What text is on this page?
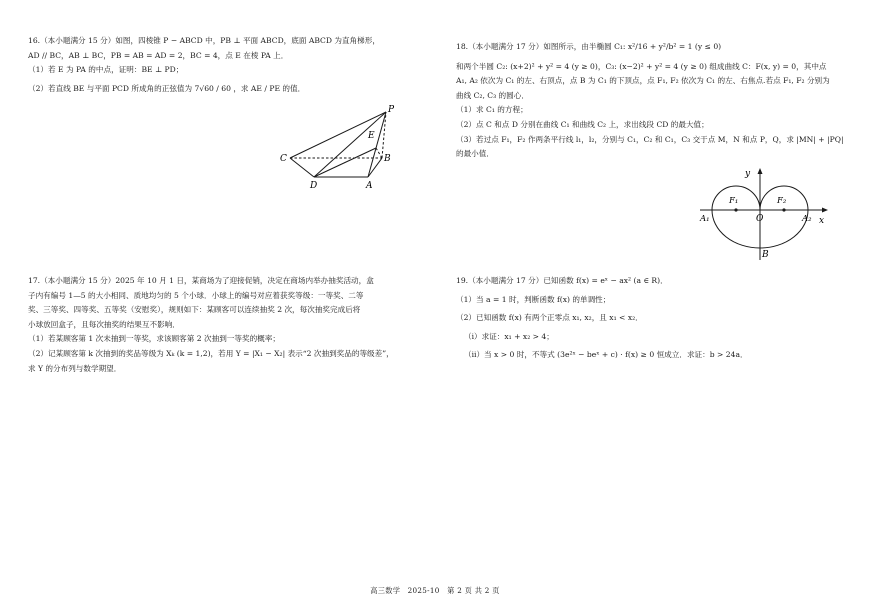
16.（本小题满分 15 分）如图，四棱锥 P − ABCD 中，PB ⊥ 平面 ABCD，底面 ABCD 为直角梯形，

AD // BC，AB ⊥ BC，PB = AB = AD = 2，BC = 4，点 E 在棱 PA 上．

（1）若 E 为 PA 的中点，证明：BE ⊥ PD；

（2）若直线 BE 与平面 PCD 所成角的正弦值为 7√60 / 60 ，求 AE / PE 的值．

P
E
C	B
D	A

17.（本小题满分 15 分）2025 年 10 月 1 日，某商场为了迎接促销，决定在商场内举办抽奖活动，盒

子内有编号 1—5 的大小相同、质地均匀的 5 个小球．小球上的编号对应着获奖等级：一等奖、二等

奖、三等奖、四等奖、五等奖（安慰奖），规则如下：某顾客可以连续抽奖 2 次，每次抽奖完成后将

小球放回盒子，且每次抽奖的结果互不影响．

（1）若某顾客第 1 次未抽到一等奖，求该顾客第 2 次抽到一等奖的概率；

（2）记某顾客第 k 次抽到的奖品等级为 Xₖ (k = 1,2)，若用 Y = |X₁ − X₂| 表示“2 次抽到奖品的等级差”，

求 Y 的分布列与数学期望．

18.（本小题满分 17 分）如图所示，由半椭圆 C₁: x²/16 + y²/b² = 1 (y ≤ 0)

和两个半圆 C₂: (x+2)² + y² = 4 (y ≥ 0)，C₃: (x−2)² + y² = 4 (y ≥ 0) 组成曲线 C：F(x, y) = 0，其中点

A₁, A₂ 依次为 C₁ 的左、右顶点，点 B 为 C₁ 的下顶点，点 F₁, F₂ 依次为 C₁ 的左、右焦点.若点 F₁, F₂ 分别为

曲线 C₂, C₃ 的圆心．

（1）求 C₁ 的方程；

（2）点 C 和点 D 分别在曲线 C₁ 和曲线 C₂ 上，求出线段 CD 的最大值；

（3）若过点 F₁，F₂ 作两条平行线 l₁，l₂，分别与 C₁，C₂ 和 C₁，C₃ 交于点 M，N 和点 P，Q，求 |MN| + |PQ|

的最小值．

y
x
F₁	F₂
O
A₁	A₂
B

19.（本小题满分 17 分）已知函数 f(x) = eˣ − ax² (a ∈ R)．

（1）当 a = 1 时，判断函数 f(x) 的单调性；

（2）已知函数 f(x) 有两个正零点 x₁, x₂，且 x₁ < x₂．

（i）求证：x₁ + x₂ > 4；

（ii）当 x > 0 时，不等式 (3e²ˣ − beˣ + c) · f(x) ≥ 0 恒成立．求证：b > 24a．

高三数学　2025-10　第 2 页 共 2 页
